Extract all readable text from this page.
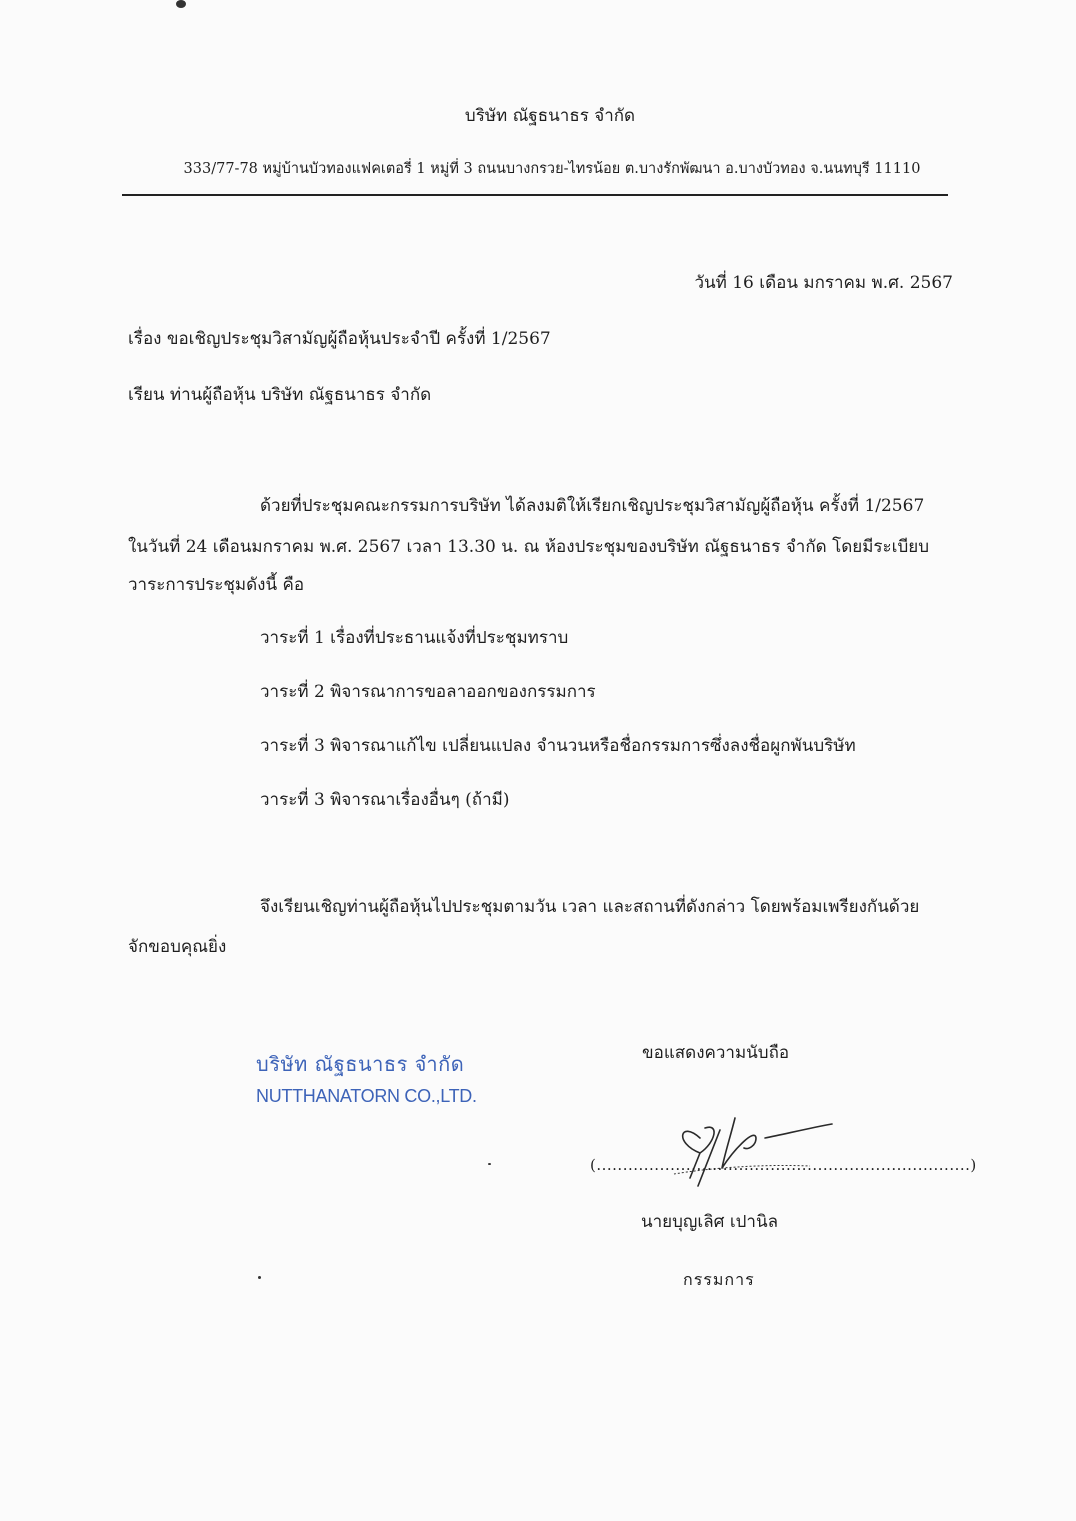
บริษัท ณัฐธนาธร จำกัด
333/77-78 หมู่บ้านบัวทองแฟคเตอรี่ 1 หมู่ที่ 3 ถนนบางกรวย-ไทรน้อย ต.บางรักพัฒนา อ.บางบัวทอง จ.นนทบุรี 11110
วันที่ 16 เดือน มกราคม พ.ศ. 2567
เรื่อง ขอเชิญประชุมวิสามัญผู้ถือหุ้นประจำปี ครั้งที่ 1/2567
เรียน ท่านผู้ถือหุ้น บริษัท ณัฐธนาธร จำกัด
ด้วยที่ประชุมคณะกรรมการบริษัท ได้ลงมติให้เรียกเชิญประชุมวิสามัญผู้ถือหุ้น ครั้งที่ 1/2567
ในวันที่ 24 เดือนมกราคม พ.ศ. 2567 เวลา 13.30 น. ณ ห้องประชุมของบริษัท ณัฐธนาธร จำกัด โดยมีระเบียบ
วาระการประชุมดังนี้ คือ
วาระที่ 1 เรื่องที่ประธานแจ้งที่ประชุมทราบ
วาระที่ 2 พิจารณาการขอลาออกของกรรมการ
วาระที่ 3 พิจารณาแก้ไข เปลี่ยนแปลง จำนวนหรือชื่อกรรมการซึ่งลงชื่อผูกพันบริษัท
วาระที่ 3 พิจารณาเรื่องอื่นๆ (ถ้ามี)
จึงเรียนเชิญท่านผู้ถือหุ้นไปประชุมตามวัน เวลา และสถานที่ดังกล่าว โดยพร้อมเพรียงกันด้วย
จักขอบคุณยิ่ง
บริษัท ณัฐธนาธร จำกัด
NUTTHANATORN CO.,LTD.
ขอแสดงความนับถือ
(.......................................................................)
นายบุญเลิศ เปานิล
กรรมการ
